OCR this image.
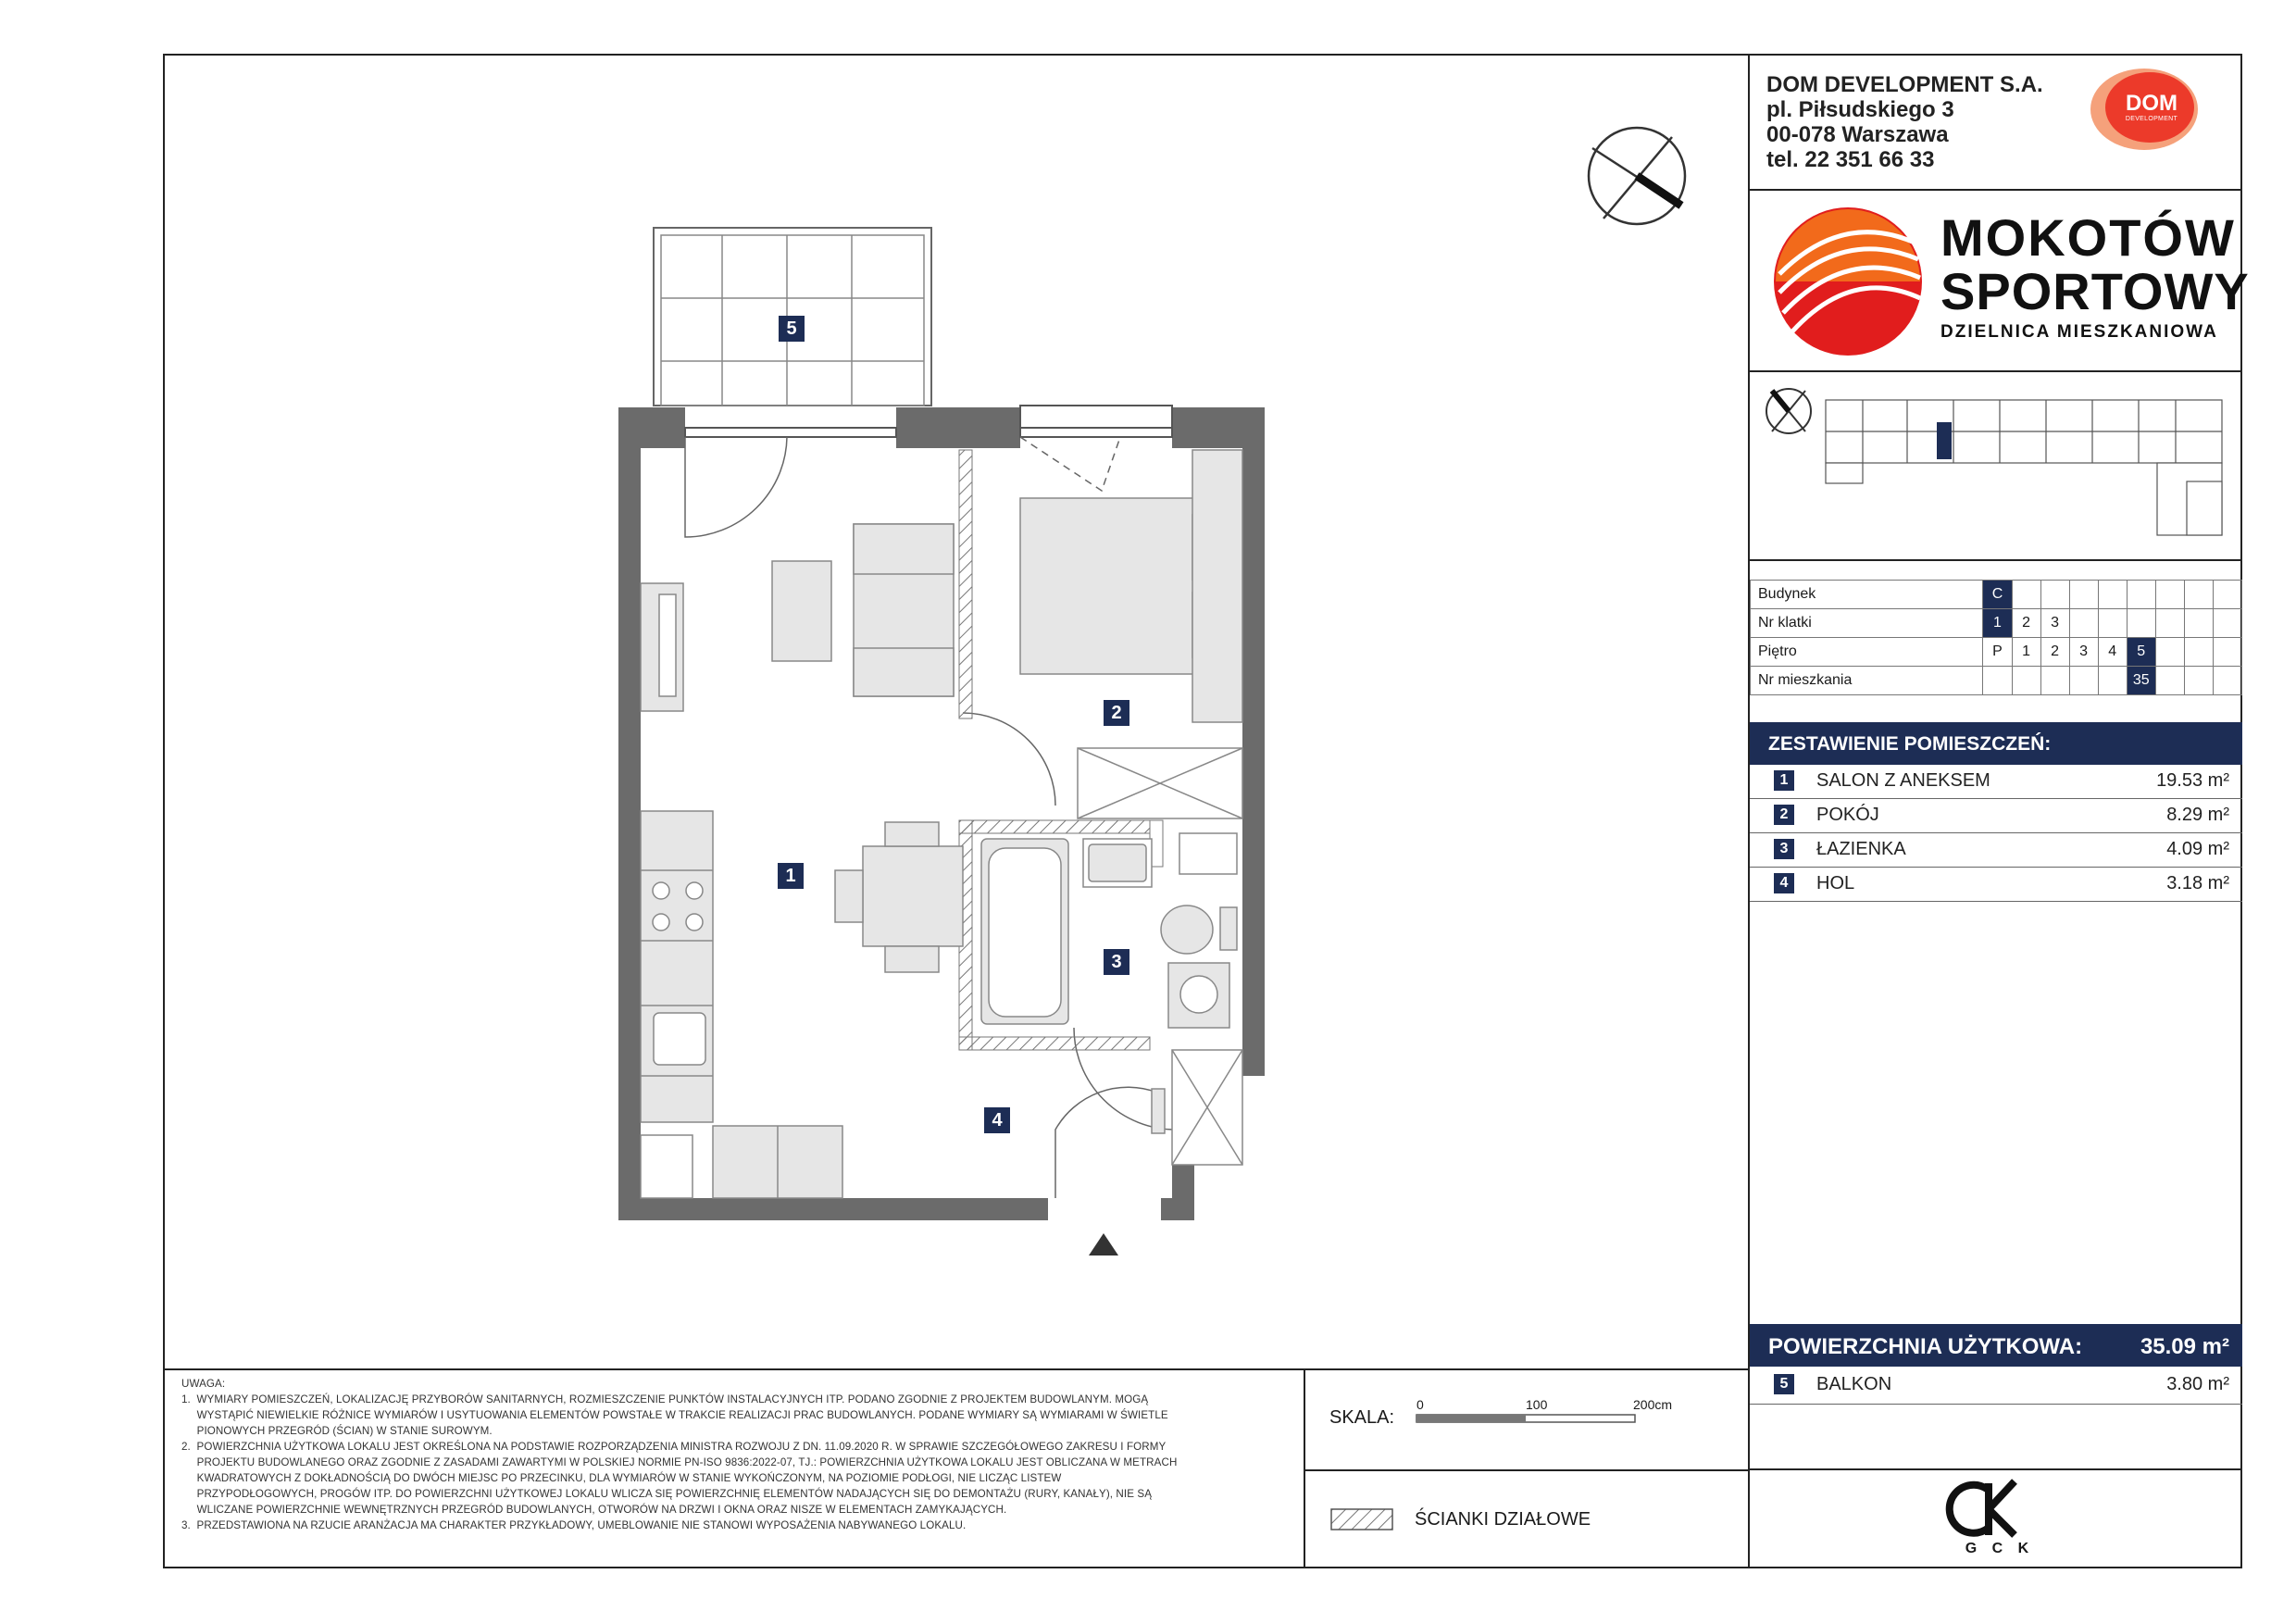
5
1
2
3
4
DOM DEVELOPMENT S.A.
pl. Piłsudskiego 3
00-078 Warszawa
tel. 22 351 66 33
DOM
DEVELOPMENT
MOKOTÓW
SPORTOWY
DZIELNICA MIESZKANIOWA
Budynek	C								
Nr klatki	1	2	3						
Piętro	P	1	2	3	4	5			
Nr mieszkania						35			
ZESTAWIENIE POMIESZCZEŃ:
1	SALON Z ANEKSEM	19.53 m²
2	POKÓJ	8.29 m²
3	ŁAZIENKA	4.09 m²
4	HOL	3.18 m²
POWIERZCHNIA UŻYTKOWA:	35.09 m²
5	BALKON	3.80 m²
G C K
UWAGA:
1.  WYMIARY POMIESZCZEŃ, LOKALIZACJĘ PRZYBORÓW SANITARNYCH, ROZMIESZCZENIE PUNKTÓW INSTALACYJNYCH ITP. PODANO ZGODNIE Z PROJEKTEM BUDOWLANYM. MOGĄ
WYSTĄPIĆ NIEWIELKIE RÓŻNICE WYMIARÓW I USYTUOWANIA ELEMENTÓW POWSTAŁE W TRAKCIE REALIZACJI PRAC BUDOWLANYCH. PODANE WYMIARY SĄ WYMIARAMI W ŚWIETLE
PIONOWYCH PRZEGRÓD (ŚCIAN) W STANIE SUROWYM.
2.  POWIERZCHNIA UŻYTKOWA LOKALU JEST OKREŚLONA NA PODSTAWIE ROZPORZĄDZENIA MINISTRA ROZWOJU Z DN. 11.09.2020 R. W SPRAWIE SZCZEGÓŁOWEGO ZAKRESU I FORMY
PROJEKTU BUDOWLANEGO ORAZ ZGODNIE Z ZASADAMI ZAWARTYMI W POLSKIEJ NORMIE PN-ISO 9836:2022-07, TJ.: POWIERZCHNIA UŻYTKOWA LOKALU JEST OBLICZANA W METRACH
KWADRATOWYCH Z DOKŁADNOŚCIĄ DO DWÓCH MIEJSC PO PRZECINKU, DLA WYMIARÓW W STANIE WYKOŃCZONYM, NA POZIOMIE PODŁOGI, NIE LICZĄC LISTEW
PRZYPODŁOGOWYCH, PROGÓW ITP. DO POWIERZCHNI UŻYTKOWEJ LOKALU WLICZA SIĘ POWIERZCHNIĘ ELEMENTÓW NADAJĄCYCH SIĘ DO DEMONTAŻU (RURY, KANAŁY), NIE SĄ
WLICZANE POWIERZCHNIE WEWNĘTRZNYCH PRZEGRÓD BUDOWLANYCH, OTWORÓW NA DRZWI I OKNA ORAZ NISZE W ELEMENTACH ZAMYKAJĄCYCH.
3.  PRZEDSTAWIONA NA RZUCIE ARANŻACJA MA CHARAKTER PRZYKŁADOWY, UMEBLOWANIE NIE STANOWI WYPOSAŻENIA NABYWANEGO LOKALU.
SKALA:
0	100	200cm
ŚCIANKI DZIAŁOWE
